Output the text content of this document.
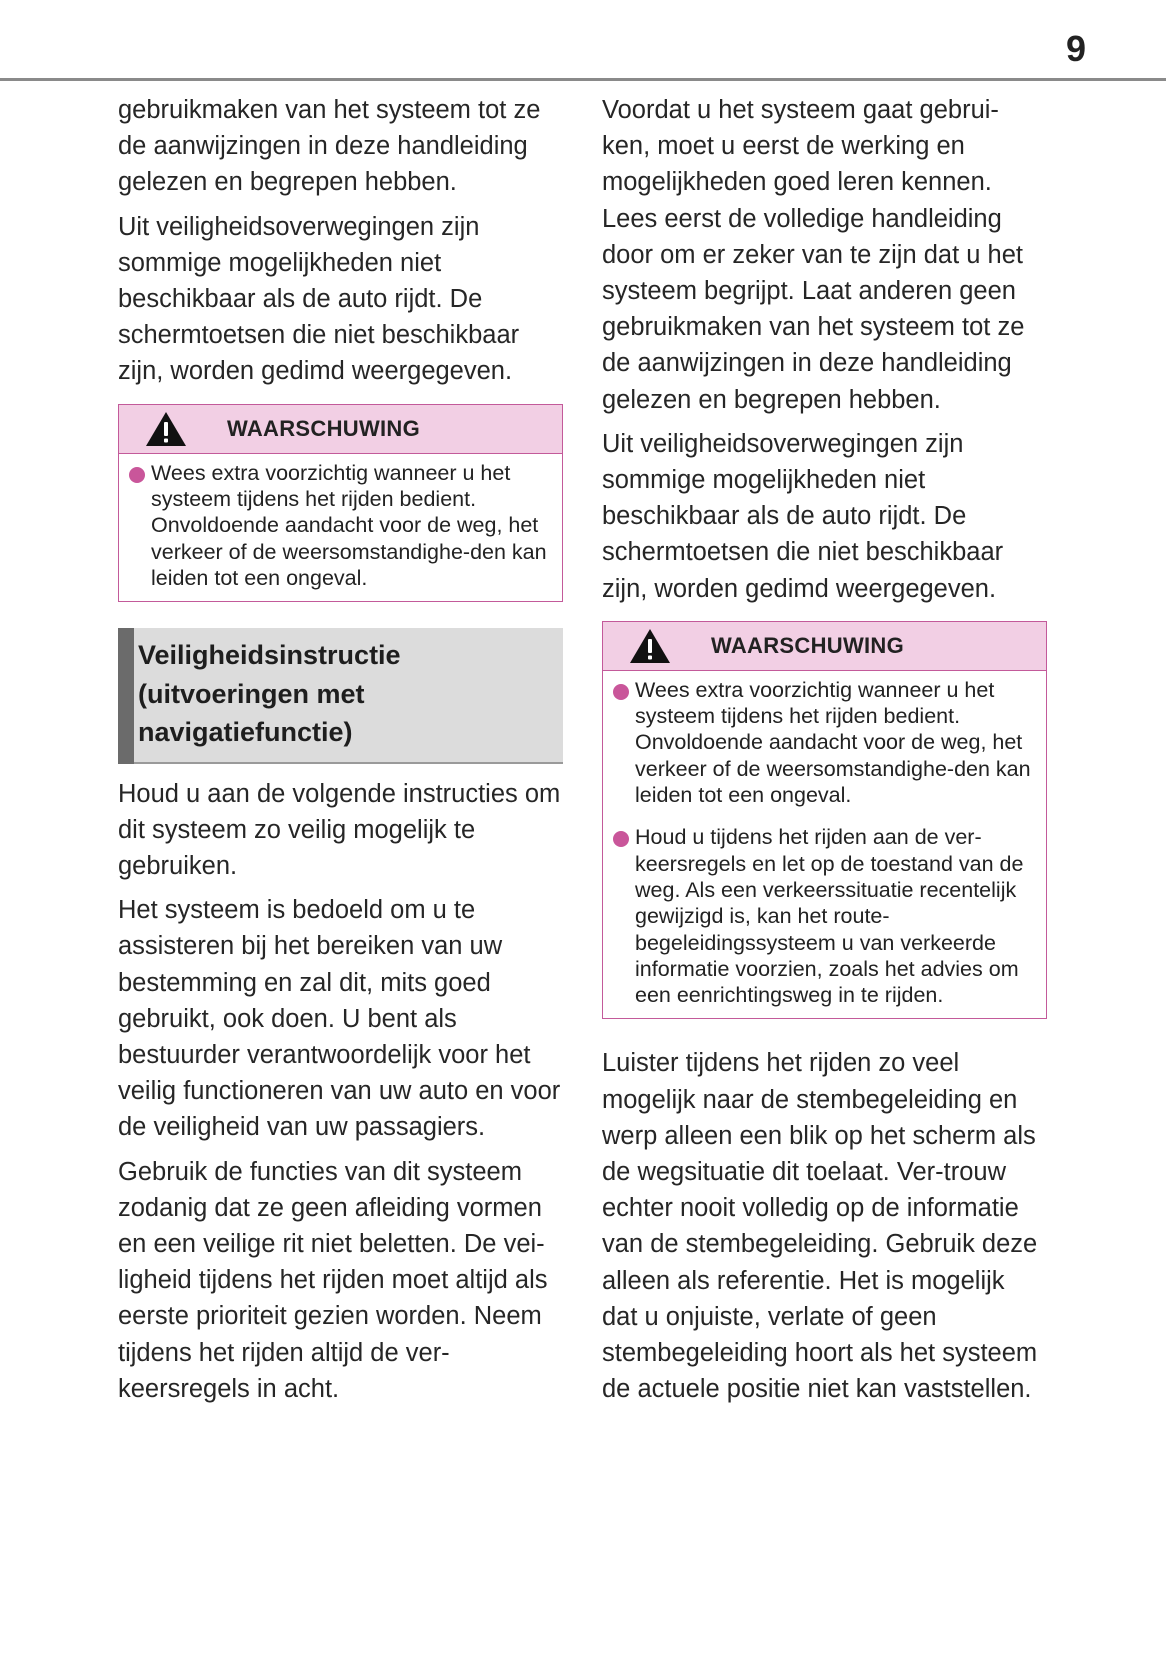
9

gebruikmaken van het systeem tot ze de aanwijzingen in deze handleiding gelezen en begrepen hebben.

Uit veiligheidsoverwegingen zijn sommige mogelijkheden niet beschikbaar als de auto rijdt. De schermtoetsen die niet beschikbaar zijn, worden gedimd weergegeven.

WAARSCHUWING
Wees extra voorzichtig wanneer u het systeem tijdens het rijden bedient. Onvoldoende aandacht voor de weg, het verkeer of de weersomstandighe-den kan leiden tot een ongeval.
Veiligheidsinstructie (uitvoeringen met navigatiefunctie)

Houd u aan de volgende instructies om dit systeem zo veilig mogelijk te gebruiken.

Het systeem is bedoeld om u te assisteren bij het bereiken van uw bestemming en zal dit, mits goed gebruikt, ook doen. U bent als bestuurder verantwoordelijk voor het veilig functioneren van uw auto en voor de veiligheid van uw passagiers.

Gebruik de functies van dit systeem zodanig dat ze geen afleiding vormen en een veilige rit niet beletten. De vei-ligheid tijdens het rijden moet altijd als eerste prioriteit gezien worden. Neem tijdens het rijden altijd de ver-keersregels in acht.

Voordat u het systeem gaat gebrui-ken, moet u eerst de werking en mogelijkheden goed leren kennen. Lees eerst de volledige handleiding door om er zeker van te zijn dat u het systeem begrijpt. Laat anderen geen gebruikmaken van het systeem tot ze de aanwijzingen in deze handleiding gelezen en begrepen hebben.

Uit veiligheidsoverwegingen zijn sommige mogelijkheden niet beschikbaar als de auto rijdt. De schermtoetsen die niet beschikbaar zijn, worden gedimd weergegeven.

WAARSCHUWING
Wees extra voorzichtig wanneer u het systeem tijdens het rijden bedient. Onvoldoende aandacht voor de weg, het verkeer of de weersomstandighe-den kan leiden tot een ongeval.
Houd u tijdens het rijden aan de ver-keersregels en let op de toestand van de weg. Als een verkeerssituatie recentelijk gewijzigd is, kan het route-begeleidingssysteem u van verkeerde informatie voorzien, zoals het advies om een eenrichtingsweg in te rijden.

Luister tijdens het rijden zo veel mogelijk naar de stembegeleiding en werp alleen een blik op het scherm als de wegsituatie dit toelaat. Ver-trouw echter nooit volledig op de informatie van de stembegeleiding. Gebruik deze alleen als referentie. Het is mogelijk dat u onjuiste, verlate of geen stembegeleiding hoort als het systeem de actuele positie niet kan vaststellen.
